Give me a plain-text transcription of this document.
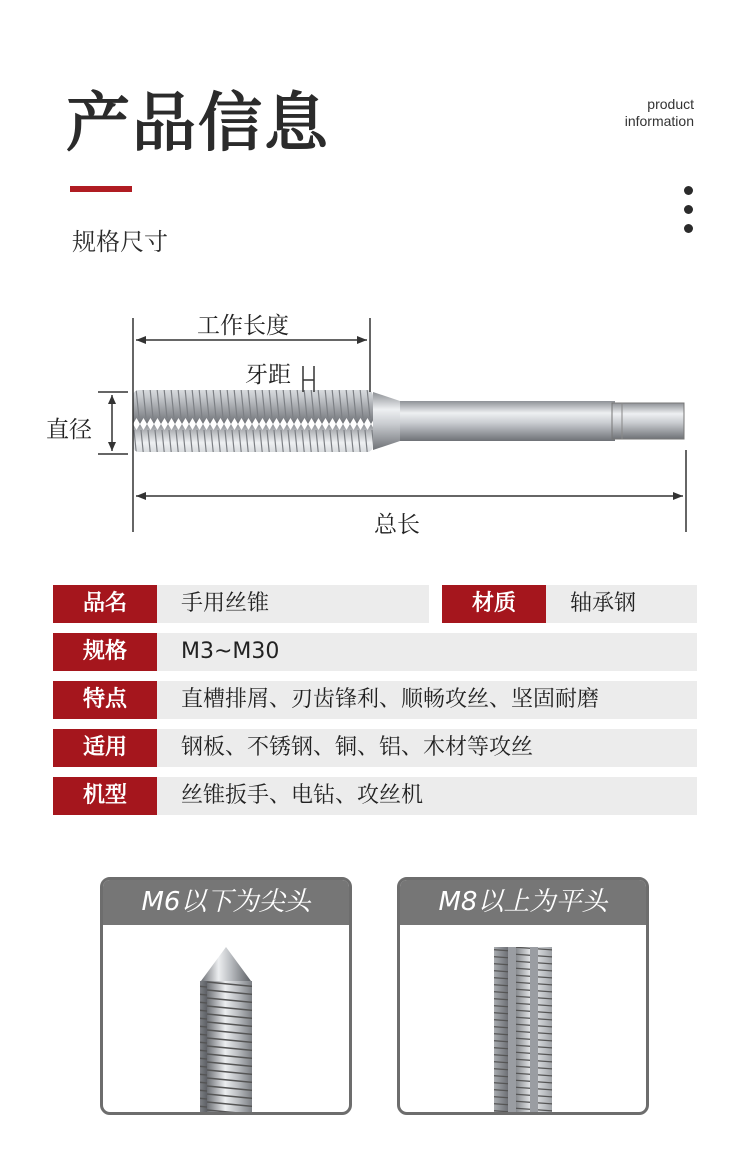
产品信息	product
information
规格尺寸
工作长度
牙距
直径
总长
品名	手用丝锥	材质	轴承钢
规格	M3~M30
特点	直槽排屑、刃齿锋利、顺畅攻丝、坚固耐磨
适用	钢板、不锈钢、铜、铝、木材等攻丝
机型	丝锥扳手、电钻、攻丝机
M6以下为尖头	M8以上为平头
